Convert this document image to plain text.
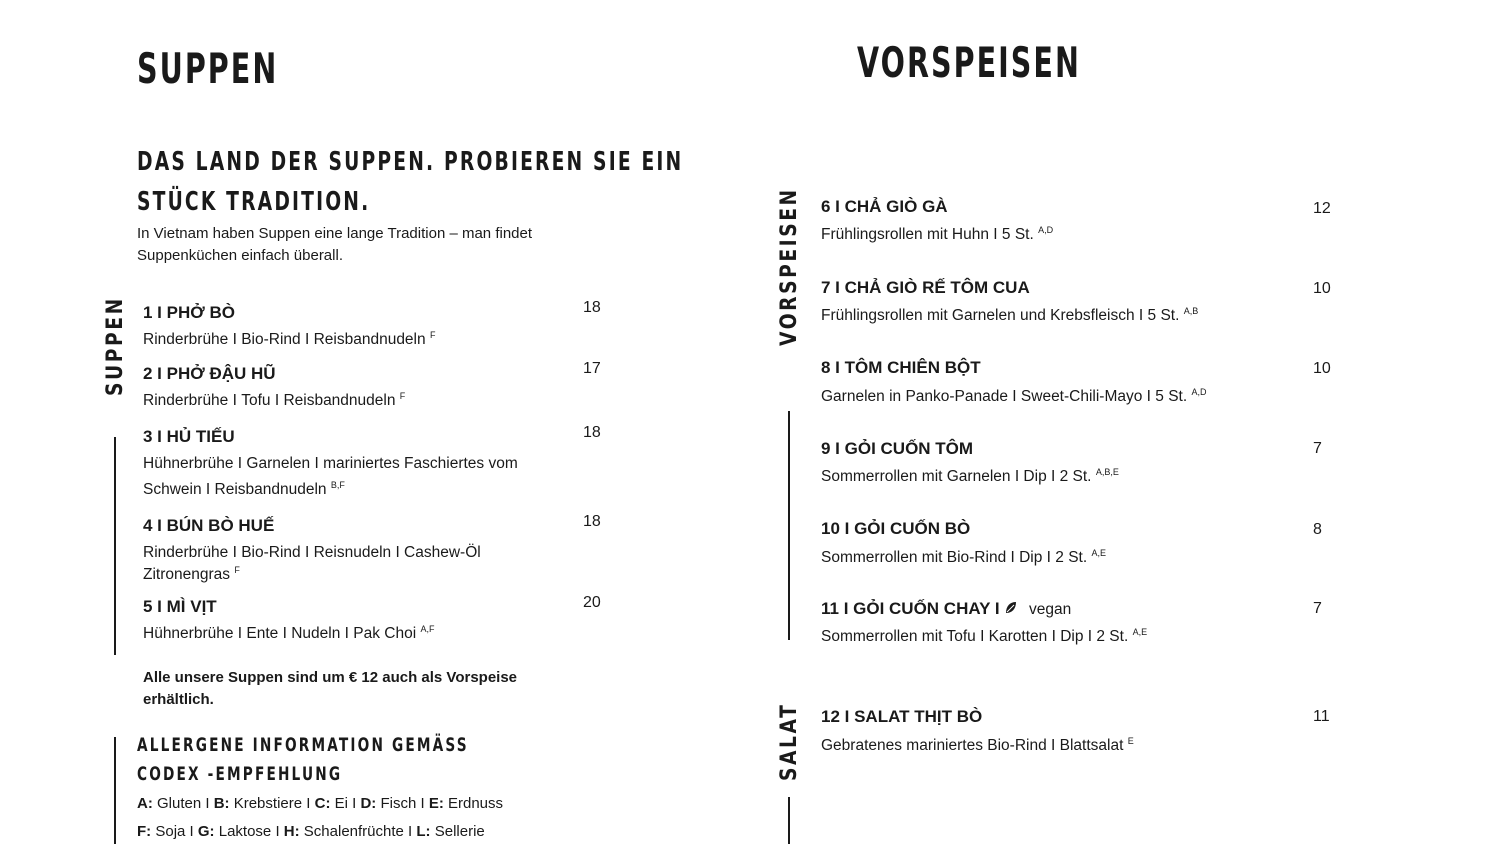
SUPPEN
DAS LAND DER SUPPEN. PROBIEREN SIE EIN
STÜCK TRADITION.
In Vietnam haben Suppen eine lange Tradition – man findet
Suppenküchen einfach überall.
SUPPEN 1 Ι PHỞ BÒ	18
Rinderbrühe Ι Bio-Rind Ι Reisbandnudeln $^F$
2 Ι PHỞ ĐẬU HŨ	17
Rinderbrühe Ι Tofu Ι Reisbandnudeln $^F$
3 Ι HỦ TIẾU	18
Hühnerbrühe Ι Garnelen Ι mariniertes Faschiertes vom
Schwein Ι Reisbandnudeln $^{B,F}$
4 Ι BÚN BÒ HUẾ	18
Rinderbrühe Ι Bio-Rind Ι Reisnudeln Ι Cashew-Öl
Zitronengras $^F$
5 Ι MÌ VỊT	20
Hühnerbrühe Ι Ente Ι Nudeln Ι Pak Choi $^{A,F}$
Alle unsere Suppen sind um € 12 auch als Vorspeise
erhältlich.
ALLERGENE INFORMATION GEMÄSS
CODEX -EMPFEHLUNG
A: Gluten Ι B: Krebstiere Ι C: Ei Ι D: Fisch Ι E: Erdnuss
F: Soja Ι G: Laktose Ι H: Schalenfrüchte Ι L: Sellerie
VORSPEISEN
VORSPEISEN
SALAT
6 Ι CHẢ GIÒ GÀ	12
Frühlingsrollen mit Huhn Ι 5 St. $^{A,D}$
7 Ι CHẢ GIÒ RẾ TÔM CUA	10
Frühlingsrollen mit Garnelen und Krebsfleisch Ι 5 St. $^{A,B}$
8 Ι TÔM CHIÊN BỘT	10
Garnelen in Panko-Panade Ι Sweet-Chili-Mayo Ι 5 St. $^{A,D}$
9 Ι GỎI CUỐN TÔM	7
Sommerrollen mit Garnelen Ι Dip Ι 2 St. $^{A,B,E}$
10 Ι GỎI CUỐN BÒ	8
Sommerrollen mit Bio-Rind Ι Dip Ι 2 St. $^{A,E}$
11 Ι GỎI CUỐN CHAY Ι vegan	7
Sommerrollen mit Tofu Ι Karotten Ι Dip Ι 2 St. $^{A,E}$
12 Ι SALAT THỊT BÒ	11
Gebratenes mariniertes Bio-Rind Ι Blattsalat $^E$
